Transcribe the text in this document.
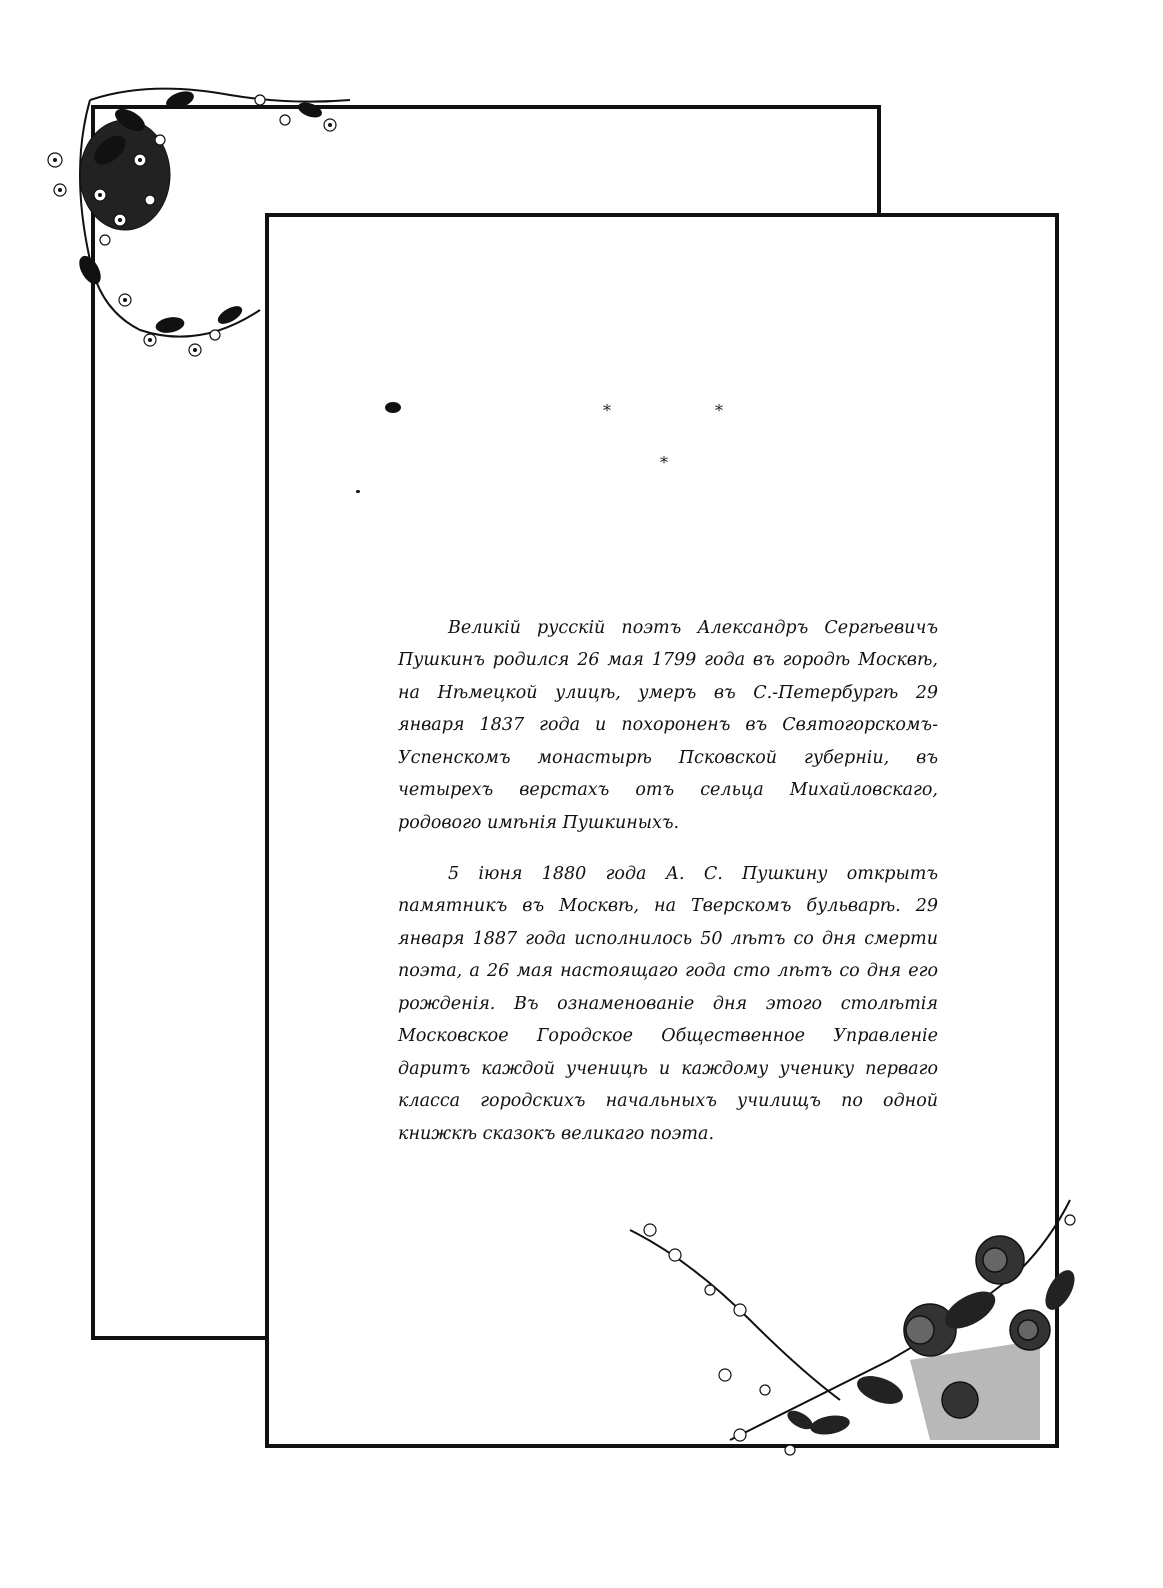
*	*
*

Великій русскій поэтъ Александръ Сергѣевичъ Пушкинъ родился 26 мая 1799 года въ городѣ Москвѣ, на Нѣмецкой улицѣ, умеръ въ С.-Петербургѣ 29 января 1837 года и похороненъ въ Святогорскомъ-Успенскомъ монастырѣ Псковской губерніи, въ четырехъ верстахъ отъ сельца Михайловскаго, родового имѣнія Пушкиныхъ.

5 іюня 1880 года А. С. Пушкину открытъ памятникъ въ Москвѣ, на Тверскомъ бульварѣ. 29 января 1887 года исполнилось 50 лѣтъ со дня смерти поэта, а 26 мая настоящаго года сто лѣтъ со дня его рожденія. Въ ознаменованіе дня этого столѣтія Московское Городское Общественное Управленіе даритъ каждой ученицѣ и каждому ученику перваго класса городскихъ начальныхъ училищъ по одной книжкѣ сказокъ великаго поэта.
